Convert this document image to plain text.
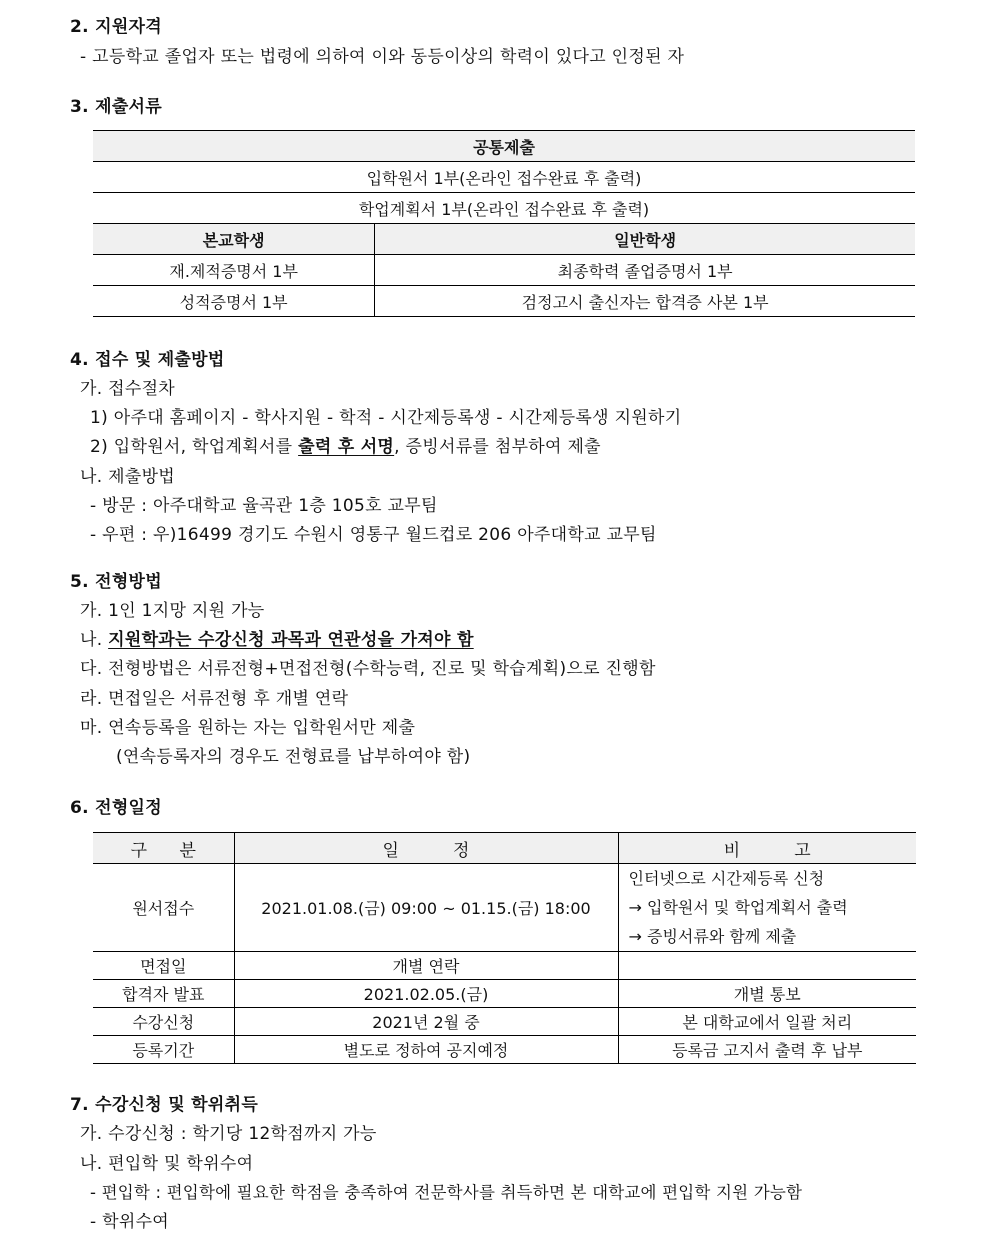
2. 지원자격
- 고등학교 졸업자 또는 법령에 의하여 이와 동등이상의 학력이 있다고 인정된 자
3. 제출서류
공통제출	
입학원서 1부(온라인 접수완료 후 출력)	
학업계획서 1부(온라인 접수완료 후 출력)	
본교학생	일반학생
재.제적증명서 1부	최종학력 졸업증명서 1부
성적증명서 1부	검정고시 출신자는 합격증 사본 1부
4. 접수 및 제출방법
가. 접수절차
1) 아주대 홈페이지 - 학사지원 - 학적 - 시간제등록생 - 시간제등록생 지원하기
2) 입학원서, 학업계획서를 출력 후 서명, 증빙서류를 첨부하여 제출
나. 제출방법
- 방문 : 아주대학교 율곡관 1층 105호 교무팀
- 우편 : 우)16499 경기도 수원시 영통구 월드컵로 206 아주대학교 교무팀
5. 전형방법
가. 1인 1지망 지원 가능
나. 지원학과는 수강신청 과목과 연관성을 가져야 함
다. 전형방법은 서류전형+면접전형(수학능력, 진로 및 학습계획)으로 진행함
라. 면접일은 서류전형 후 개별 연락
마. 연속등록을 원하는 자는 입학원서만 제출
(연속등록자의 경우도 전형료를 납부하여야 함)
6. 전형일정
구      분	일          정	비          고
원서접수	2021.01.08.(금) 09:00 ~ 01.15.(금) 18:00	인터넷으로 시간제등록 신청
→ 입학원서 및 학업계획서 출력
→ 증빙서류와 함께 제출

면접일	개별 연락	
합격자 발표	2021.02.05.(금)	개별 통보
수강신청	2021년 2월 중	본 대학교에서 일괄 처리
등록기간	별도로 정하여 공지예정	등록금 고지서 출력 후 납부
7. 수강신청 및 학위취득
가. 수강신청 : 학기당 12학점까지 가능
나. 편입학 및 학위수여
- 편입학 : 편입학에 필요한 학점을 충족하여 전문학사를 취득하면 본 대학교에 편입학 지원 가능함
- 학위수여
